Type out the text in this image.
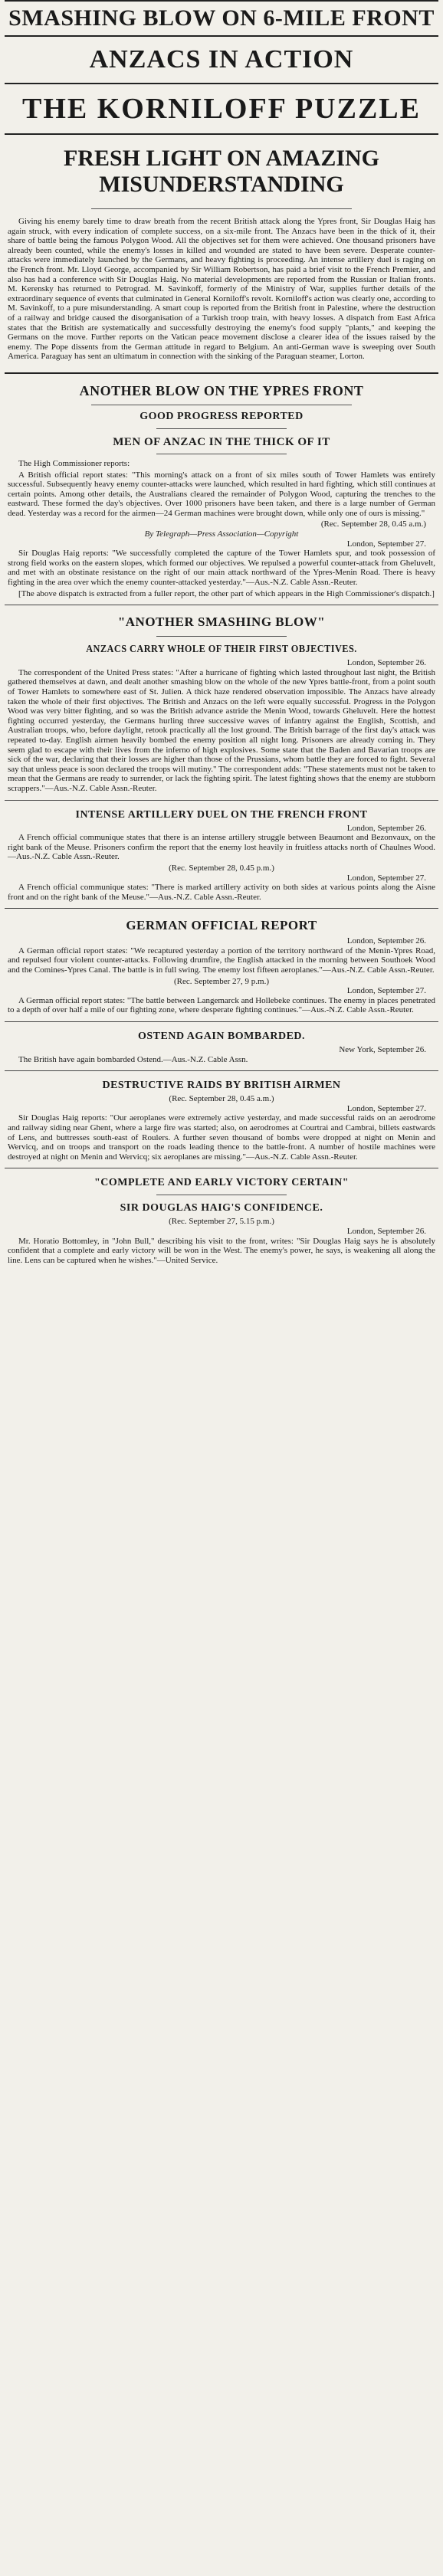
SMASHING BLOW ON 6-MILE FRONT
ANZACS IN ACTION
THE KORNILOFF PUZZLE
FRESH LIGHT ON AMAZING MISUNDERSTANDING

Giving his enemy barely time to draw breath from the recent British attack along the Ypres front, Sir Douglas Haig has again struck, with every indication of complete success, on a six-mile front. The Anzacs have been in the thick of it, their share of battle being the famous Polygon Wood. All the objectives set for them were achieved. One thousand prisoners have already been counted, while the enemy's losses in killed and wounded are stated to have been severe. Desperate counter-attacks were immediately launched by the Germans, and heavy fighting is proceeding. An intense artillery duel is raging on the French front. Mr. Lloyd George, accompanied by Sir William Robertson, has paid a brief visit to the French Premier, and also has had a conference with Sir Douglas Haig. No material developments are reported from the Russian or Italian fronts. M. Kerensky has returned to Petrograd. M. Savinkoff, formerly of the Ministry of War, supplies further details of the extraordinary sequence of events that culminated in General Korniloff's revolt. Korniloff's action was clearly one, according to M. Savinkoff, to a pure misunderstanding. A smart coup is reported from the British front in Palestine, where the destruction of a railway and bridge caused the disorganisation of a Turkish troop train, with heavy losses. A dispatch from East Africa states that the British are systematically and successfully destroying the enemy's food supply "plants," and keeping the Germans on the move. Further reports on the Vatican peace movement disclose a clearer idea of the issues raised by the enemy. The Pope dissents from the German attitude in regard to Belgium. An anti-German wave is sweeping over South America. Paraguay has sent an ultimatum in connection with the sinking of the Paraguan steamer, Lorton.

ANOTHER BLOW ON THE YPRES FRONT
GOOD PROGRESS REPORTED
MEN OF ANZAC IN THE THICK OF IT

The High Commissioner reports:

A British official report states: "This morning's attack on a front of six miles south of Tower Hamlets was entirely successful. Subsequently heavy enemy counter-attacks were launched, which resulted in hard fighting, which still continues at certain points. Among other details, the Australians cleared the remainder of Polygon Wood, capturing the trenches to the eastward. These formed the day's objectives. Over 1000 prisoners have been taken, and there is a large number of German dead. Yesterday was a record for the airmen—24 German machines were brought down, while only one of ours is missing."

(Rec. September 28, 0.45 a.m.)
By Telegraph—Press Association—Copyright
London, September 27.

Sir Douglas Haig reports: "We successfully completed the capture of the Tower Hamlets spur, and took possession of strong field works on the eastern slopes, which formed our objectives. We repulsed a powerful counter-attack from Gheluvelt, and met with an obstinate resistance on the right of our main attack northward of the Ypres-Menin Road. There is heavy fighting in the area over which the enemy counter-attacked yesterday."—Aus.-N.Z. Cable Assn.-Reuter.

[The above dispatch is extracted from a fuller report, the other part of which appears in the High Commissioner's dispatch.]

"ANOTHER SMASHING BLOW"
ANZACS CARRY WHOLE OF THEIR FIRST OBJECTIVES.
London, September 26.

The correspondent of the United Press states: "After a hurricane of fighting which lasted throughout last night, the British gathered themselves at dawn, and dealt another smashing blow on the whole of the new Ypres battle-front, from a point south of Tower Hamlets to somewhere east of St. Julien. A thick haze rendered observation impossible. The Anzacs have already taken the whole of their first objectives. The British and Anzacs on the left were equally successful. Progress in the Polygon Wood was very bitter fighting, and so was the British advance astride the Menin Wood, towards Gheluvelt. Here the hottest fighting occurred yesterday, the Germans hurling three successive waves of infantry against the English, Scottish, and Australian troops, who, before daylight, retook practically all the lost ground. The British barrage of the first day's attack was repeated to-day. English airmen heavily bombed the enemy position all night long. Prisoners are already coming in. They seem glad to escape with their lives from the inferno of high explosives. Some state that the Baden and Bavarian troops are sick of the war, declaring that their losses are higher than those of the Prussians, whom battle they are forced to fight. Several say that unless peace is soon declared the troops will mutiny." The correspondent adds: "These statements must not be taken to mean that the Germans are ready to surrender, or lack the fighting spirit. The latest fighting shows that the enemy are stubborn scrappers."—Aus.-N.Z. Cable Assn.-Reuter.

INTENSE ARTILLERY DUEL ON THE FRENCH FRONT
London, September 26.

A French official communique states that there is an intense artillery struggle between Beaumont and Bezonvaux, on the right bank of the Meuse. Prisoners confirm the report that the enemy lost heavily in fruitless attacks north of Chaulnes Wood.—Aus.-N.Z. Cable Assn.-Reuter.

(Rec. September 28, 0.45 p.m.)
London, September 27.

A French official communique states: "There is marked artillery activity on both sides at various points along the Aisne front and on the right bank of the Meuse."—Aus.-N.Z. Cable Assn.-Reuter.

GERMAN OFFICIAL REPORT
London, September 26.

A German official report states: "We recaptured yesterday a portion of the territory northward of the Menin-Ypres Road, and repulsed four violent counter-attacks. Following drumfire, the English attacked in the morning between Southoek Wood and the Comines-Ypres Canal. The battle is in full swing. The enemy lost fifteen aeroplanes."—Aus.-N.Z. Cable Assn.-Reuter.

(Rec. September 27, 9 p.m.)
London, September 27.

A German official report states: "The battle between Langemarck and Hollebeke continues. The enemy in places penetrated to a depth of over half a mile of our fighting zone, where desperate fighting continues."—Aus.-N.Z. Cable Assn.-Reuter.

OSTEND AGAIN BOMBARDED.
New York, September 26.

The British have again bombarded Ostend.—Aus.-N.Z. Cable Assn.

DESTRUCTIVE RAIDS BY BRITISH AIRMEN
(Rec. September 28, 0.45 a.m.)
London, September 27.

Sir Douglas Haig reports: "Our aeroplanes were extremely active yesterday, and made successful raids on an aerodrome and railway siding near Ghent, where a large fire was started; also, on aerodromes at Courtrai and Cambrai, billets eastwards of Lens, and buttresses south-east of Roulers. A further seven thousand of bombs were dropped at night on Menin and Wervicq, and on troops and transport on the roads leading thence to the battle-front. A number of hostile machines were destroyed at night on Menin and Wervicq; six aeroplanes are missing."—Aus.-N.Z. Cable Assn.-Reuter.

"COMPLETE AND EARLY VICTORY CERTAIN"
SIR DOUGLAS HAIG'S CONFIDENCE.
(Rec. September 27, 5.15 p.m.)
London, September 26.

Mr. Horatio Bottomley, in "John Bull," describing his visit to the front, writes: "Sir Douglas Haig says he is absolutely confident that a complete and early victory will be won in the West. The enemy's power, he says, is weakening all along the line. Lens can be captured when he wishes."—United Service.
